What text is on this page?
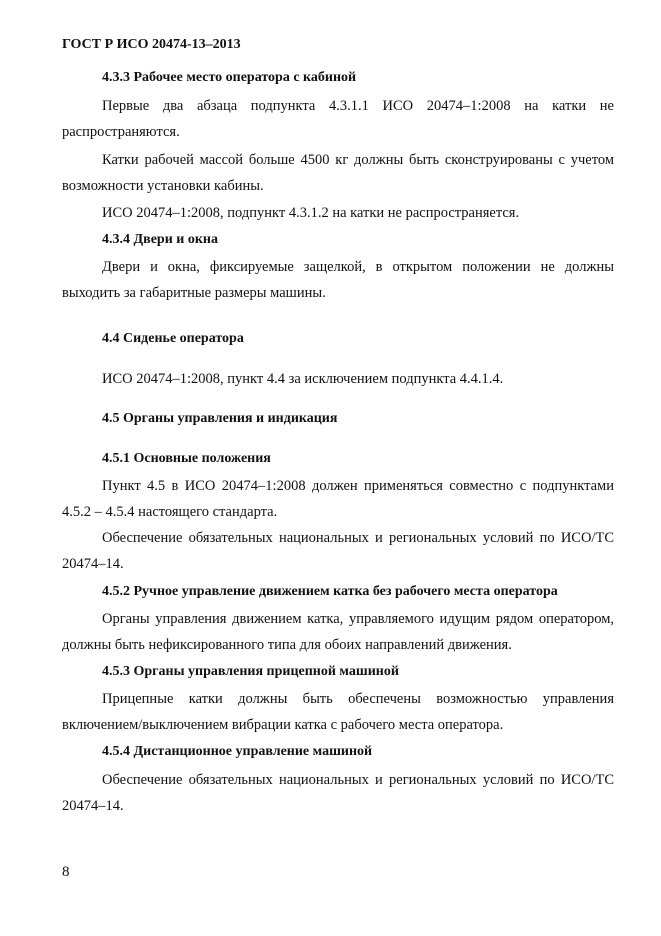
ГОСТ Р ИСО 20474-13–2013
4.3.3 Рабочее место оператора с кабиной

Первые два абзаца подпункта 4.3.1.1 ИСО 20474–1:2008 на катки не распространяются.

Катки рабочей массой больше 4500 кг должны быть сконструированы с учетом возможности установки кабины.

ИСО 20474–1:2008, подпункт 4.3.1.2 на катки не распространяется.

4.3.4 Двери и окна

Двери и окна, фиксируемые защелкой, в открытом положении не должны выходить за габаритные размеры машины.

4.4 Сиденье оператора

ИСО 20474–1:2008, пункт 4.4 за исключением подпункта 4.4.1.4.

4.5 Органы управления и индикация
4.5.1 Основные положения

Пункт 4.5 в ИСО 20474–1:2008 должен применяться совместно с подпунктами 4.5.2 – 4.5.4 настоящего стандарта.

Обеспечение обязательных национальных и региональных условий по ИСО/ТС 20474–14.

4.5.2 Ручное управление движением катка без рабочего места оператора

Органы управления движением катка, управляемого идущим рядом оператором, должны быть нефиксированного типа для обоих направлений движения.

4.5.3 Органы управления прицепной машиной

Прицепные катки должны быть обеспечены возможностью управления включением/выключением вибрации катка с рабочего места оператора.

4.5.4 Дистанционное управление машиной

Обеспечение обязательных национальных и региональных условий по ИСО/ТС 20474–14.

8
